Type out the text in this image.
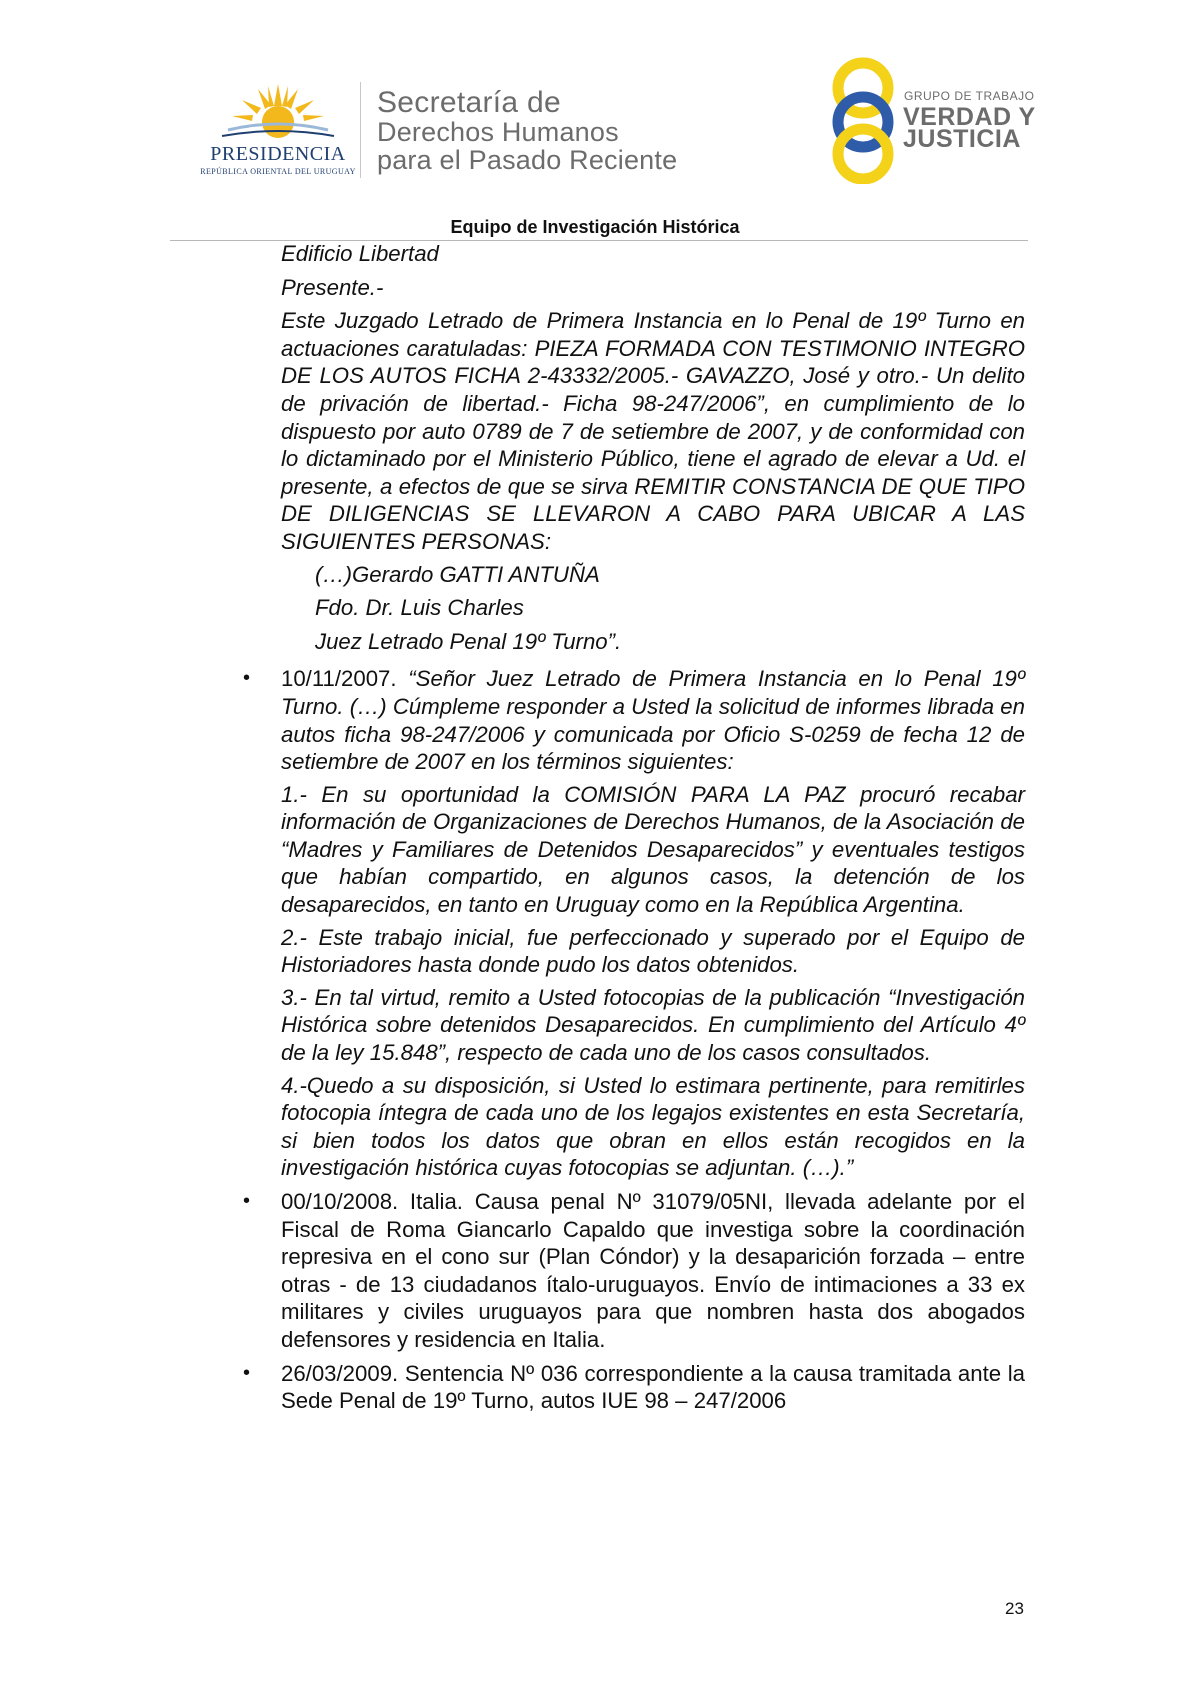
PRESIDENCIA
REPÚBLICA ORIENTAL DEL URUGUAY
Secretaría de
Derechos Humanos
para el Pasado Reciente
GRUPO DE TRABAJO
VERDAD Y
JUSTICIA
Equipo de Investigación Histórica
Edificio Libertad
Presente.-
Este Juzgado Letrado de Primera Instancia en lo Penal de 19º Turno en actuaciones caratuladas: PIEZA FORMADA CON TESTIMONIO INTEGRO DE LOS AUTOS FICHA 2-43332/2005.- GAVAZZO, José y otro.- Un delito de privación de libertad.- Ficha 98-247/2006”, en cumplimiento de lo dispuesto por auto 0789 de 7 de setiembre de 2007, y de conformidad con lo dictaminado por el Ministerio Público, tiene el agrado de elevar a Ud. el presente, a efectos de que se sirva REMITIR CONSTANCIA DE QUE TIPO DE DILIGENCIAS SE LLEVARON A CABO PARA UBICAR A LAS SIGUIENTES PERSONAS:
(…)Gerardo GATTI ANTUÑA
Fdo. Dr. Luis Charles
Juez Letrado Penal 19º Turno”.
• 10/11/2007. “Señor Juez Letrado de Primera Instancia en lo Penal 19º Turno. (…) Cúmpleme responder a Usted la solicitud de informes librada en autos ficha 98-247/2006 y comunicada por Oficio S-0259 de fecha 12 de setiembre de 2007 en los términos siguientes:
1.- En su oportunidad la COMISIÓN PARA LA PAZ procuró recabar información de Organizaciones de Derechos Humanos, de la Asociación de “Madres y Familiares de Detenidos Desaparecidos” y eventuales testigos que habían compartido, en algunos casos, la detención de los desaparecidos, en tanto en Uruguay como en la República Argentina.
2.- Este trabajo inicial, fue perfeccionado y superado por el Equipo de Historiadores hasta donde pudo los datos obtenidos.
3.- En tal virtud, remito a Usted fotocopias de la publicación “Investigación Histórica sobre detenidos Desaparecidos. En cumplimiento del Artículo 4º de la ley 15.848”, respecto de cada uno de los casos consultados.
4.-Quedo a su disposición, si Usted lo estimara pertinente, para remitirles fotocopia íntegra de cada uno de los legajos existentes en esta Secretaría, si bien todos los datos que obran en ellos están recogidos en la investigación histórica cuyas fotocopias se adjuntan. (…).”
• 00/10/2008. Italia. Causa penal Nº 31079/05NI, llevada adelante por el Fiscal de Roma Giancarlo Capaldo que investiga sobre la coordinación represiva en el cono sur (Plan Cóndor) y la desaparición forzada – entre otras - de 13 ciudadanos ítalo-uruguayos. Envío de intimaciones a 33 ex militares y civiles uruguayos para que nombren hasta dos abogados defensores y residencia en Italia.
• 26/03/2009. Sentencia Nº 036 correspondiente a la causa tramitada ante la Sede Penal de 19º Turno, autos IUE 98 – 247/2006
23
